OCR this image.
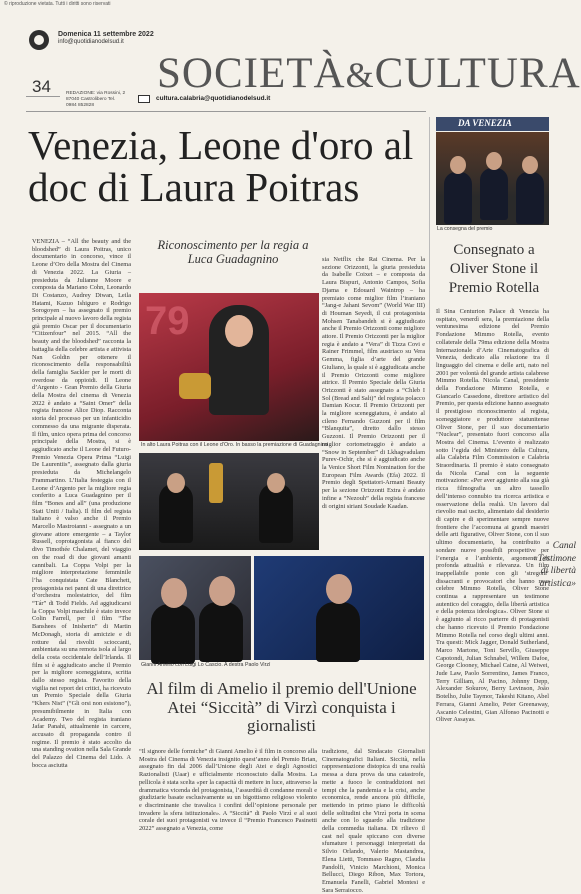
© riproduzione vietata. Tutti i diritti sono riservati
Domenica 11 settembre 2022
info@quotidianodelsud.it
34 SOCIETÀ&CULTURA
REDAZIONE: via Rossini, 2 87040 Castrolibero Tel. 0984 852828
cultura.calabria@quotidianodelsud.it
Venezia, Leone d'oro al doc di Laura Poitras
VENEZIA – “All the beauty and the bloodshed” di Laura Poitras, unico documentario in concorso, vince il Leone d’Oro della Mostra del Cinema di Venezia 2022. La Giuria – presieduta da Julianne Moore e composta da Mariano Cohn, Leonardo Di Costanzo, Audrey Diwan, Leila Hatami, Kazuo Ishiguro e Rodrigo Sorogoyen – ha assegnato il premio principale al nuovo lavoro della regista già premio Oscar per il documentario “Citizenfour” nel 2015. “All the beauty and the bloodshed” racconta la battaglia della celebre artista e attivista Nan Goldin per ottenere il riconoscimento della responsabilità della famiglia Sackler per le morti di overdose da oppioidi. Il Leone d’Argento - Gran Premio della Giuria della Mostra del cinema di Venezia 2022 è andato a “Saint Omer” della regista francese Alice Diop. Racconta storia del processo per un infanticidio commesso da una migrante disperata. Il film, unico opera prima del concorso principale della Mostra, si è aggiudicato anche il Leone del Futuro-Premio Venezia Opera Prima “Luigi De Laurentiis”, assegnato dalla giuria presieduta da Michelangelo Frammartino. L’Italia festeggia con il Leone d’Argento per la migliore regia conferito a Luca Guadagnino per il film “Bones and all” (una produzione Stati Uniti / Italia). Il film del regista italiano è valso anche il Premio Marcello Mastroianni - assegnato a un giovane attore emergente – a Taylor Russell, coprotagonista al fianco del divo Timothée Chalamet, del viaggio on the road di due giovani amanti cannibali. La Coppa Volpi per la migliore interpretazione femminile l’ha conquistata Cate Blanchett, protagonista nei panni di una direttrice d’orchestra molestatrice, del film “Tár” di Todd Fields. Ad aggiudicarsi la Coppa Volpi maschile è stato invece Colin Farrell, per il film “The Banshees of Inisherin” di Martin McDonagh, storia di amicizie e di rotture dal risvolti scioccanti, ambientata su una remota isola al largo della costa occidentale dell’Irlanda. Il film si è aggiudicato anche il Premio per la migliore sceneggiatura, scritta dallo stesso regista. Favorito della vigilia nei report dei critici, ha ricevuto un Premio Speciale della Giuria “Khers Nist” (“Gli orsi non esistono”), presumibilmente in Italia con Academy. Two del regista iraniano Jafar Panahi, attualmente in carcere, accusato di propaganda contro il regime. Il premio è stato accolto da una standing ovation nella Sala Grande del Palazzo del Cinema del Lido. A bocca asciutta
Riconoscimento per la regia a Luca Guadagnino
79
In alto Laura Poitras con il Leone d’Oro. In basso la premiazione di Guadagnino
sia Netflix che Rai Cinema. Per la sezione Orizzonti, la giuria presieduta da Isabelle Coixet – e composta da Laura Bispuri, Antonio Campos, Sofia Djama e Edouard Waintrop – ha premiato come miglior film l’iraniano “Jang-e Jahani Sevom” (World War III) di Houman Seyedi, il cui protagonista Mohsen Tanabandeh si è aggiudicato anche il Premio Orizzonti come migliore attore. Il Premio Orizzonti per la miglior regia è andato a “Vera” di Tizza Covi e Rainer Frimmel, film austriaco su Vera Gemma, figlia d’arte del grande Giuliano, la quale si è aggiudicata anche il Premio Orizzonti come migliore attrice. Il Premio Speciale della Giuria Orizzonti è stato assegnato a “Chleb I Sol (Bread and Salt)” del regista polacco Damian Kocur. Il Premio Orizzonti per la migliore sceneggiatura, è andato al cileno Fernando Guzzoni per il film “Blanquita”, diretto dallo stesso Guzzoni. Il Premio Orizzonti per il miglior cortometraggio è andato a “Snow in September” di Lkhagvadulam Purev-Ochir, che si è aggiudicato anche la Venice Short Film Nomination for the European Film Awards (Efa) 2022. Il Premio degli Spettatori-Armani Beauty per la sezione Orizzonti Extra è andato infine a “Nezouh” della regista francese di origini siriani Soudade Kaadan.
Gianni Amelio con Luigi Lo Cascio. A destra Paolo Virzì
Al film di Amelio il premio dell'Unione Atei “Siccità” di Virzì conquista i giornalisti
“Il signore delle formiche” di Gianni Amelio è il film in concorso alla Mostra del Cinema di Venezia insignito quest’anno del Premio Brian, assegnato fin dal 2006 dall’Unione degli Atei e degli Agnostici Razionalisti (Uaar) e ufficialmente riconosciuto dalla Mostra. La pellicola è stata scelta «per la capacità di mettere in luce, attraverso la drammatica vicenda del protagonista, l’assurdità di condanne morali e giudiziarie basate esclusivamente su un bigottismo religioso violento e discriminante che travalica i confini dell’opinione personale per invadere la sfera istituzionale». A “Siccità” di Paolo Virzì e al suoi corale dei suoi protagonisti va invece il “Premio Francesco Pasinetti 2022” assegnato a Venezia, come
tradizione, dal Sindacato Giornalisti Cinematografici Italiani. Siccità, nella rappresentazione distopica di una realtà messa a dura prova da una catastrofe, mette a fuoco le contraddizioni nei tempi che la pandemia e la crisi, anche economica, rende ancora più difficile, mettendo in primo piano le difficoltà delle solitudini che Virzì porta in scena anche con lo sguardo alla tradizione della commedia italiana. Di rilievo il cast nel quale spiccano con diverse sfumature i personaggi interpretati da Silvio Orlando, Valerio Mastandrea, Elena Lietti, Tommaso Ragno, Claudia Pandolfi, Vinicio Marchioni, Monica Bellucci, Diego Ribon, Max Tortora, Emanuela Fanelli, Gabriel Montesi e Sara Serraiocco.
DA VENEZIA
La consegna del premio
Consegnato a Oliver Stone il Premio Rotella
Il Sina Centurion Palace di Venezia ha ospitato, venerdì sera, la premiazione della ventunesima edizione del Premio Fondazione Mimmo Rotella, evento collaterale della 79ma edizione della Mostra Internazionale d’Arte Cinematografica di Venezia, dedicato alla relazione tra il linguaggio del cinema e delle arti, nato nel 2001 per volontà del grande artista calabrese Mimmo Rotella. Nicola Canal, presidente della Fondazione Mimmo Rotella, e Giancarlo Cassedone, direttore artistico del Premio, per questa edizione hanno assegnato il prestigioso riconoscimento al regista, sceneggiatore e produttore statunitense Oliver Stone, per il suo documentario “Nuclear”, presentato fuori concorso alla Mostra del Cinema. L’evento è realizzato sotto l’egida del Ministero della Cultura, alla Calabria Film Commission e Calabria Straordinaria. Il premio è stato consegnato da Nicola Canal con la seguente motivazione: «Per aver aggiunto alla sua già ricca filmografia un altro tassello dell’intenso connubio tra ricerca artistica e osservazione della realtà. Un lavoro dal rievolio mai uscito, alimentato dal desiderio di capire e di sperimentare sempre nuove frontiere che l’accomuna ai grandi maestri delle arti figurative, Oliver Stone, con il suo ultimo documentario, ha contribuito a sondare nuove possibili prospettive per l’energia e l’ambiente, argomenti di profonda attualità e rilevanza. Un film inappellabile ponte con gli ‘stregoni’ dissacranti e provocatori che hanno reso celebre Mimmo Rotella, Oliver Stone continua a rappresentare un testimone autentico del coraggio, della libertà artistica e della potenza ideologica». Oliver Stone si è aggiunto al ricco parterre di protagonisti che hanno ricevuto il Premio Fondazione Mimmo Rotella nel corso degli ultimi anni. Tra questi: Mick Jagger, Donald Sutherland, Marco Martone, Toni Servillo, Giuseppe Capotondi, Julian Schnabel, Willem Dafoe, George Clooney, Michael Caine, Al Weiwei, Jude Law, Paolo Sorrentino, James Franco, Terry Gilliam, Al Pacino, Johnny Depp, Alexander Sokurov, Berry Levinson, João Botelho, Julie Taymor, Takeshi Kitano, Abel Ferrara, Gianni Amelio, Peter Greenaway, Ascanio Celestini, Gian Alfonso Pacinotti e Oliver Assayas.
Canal «Testimone di libertà artistica»
